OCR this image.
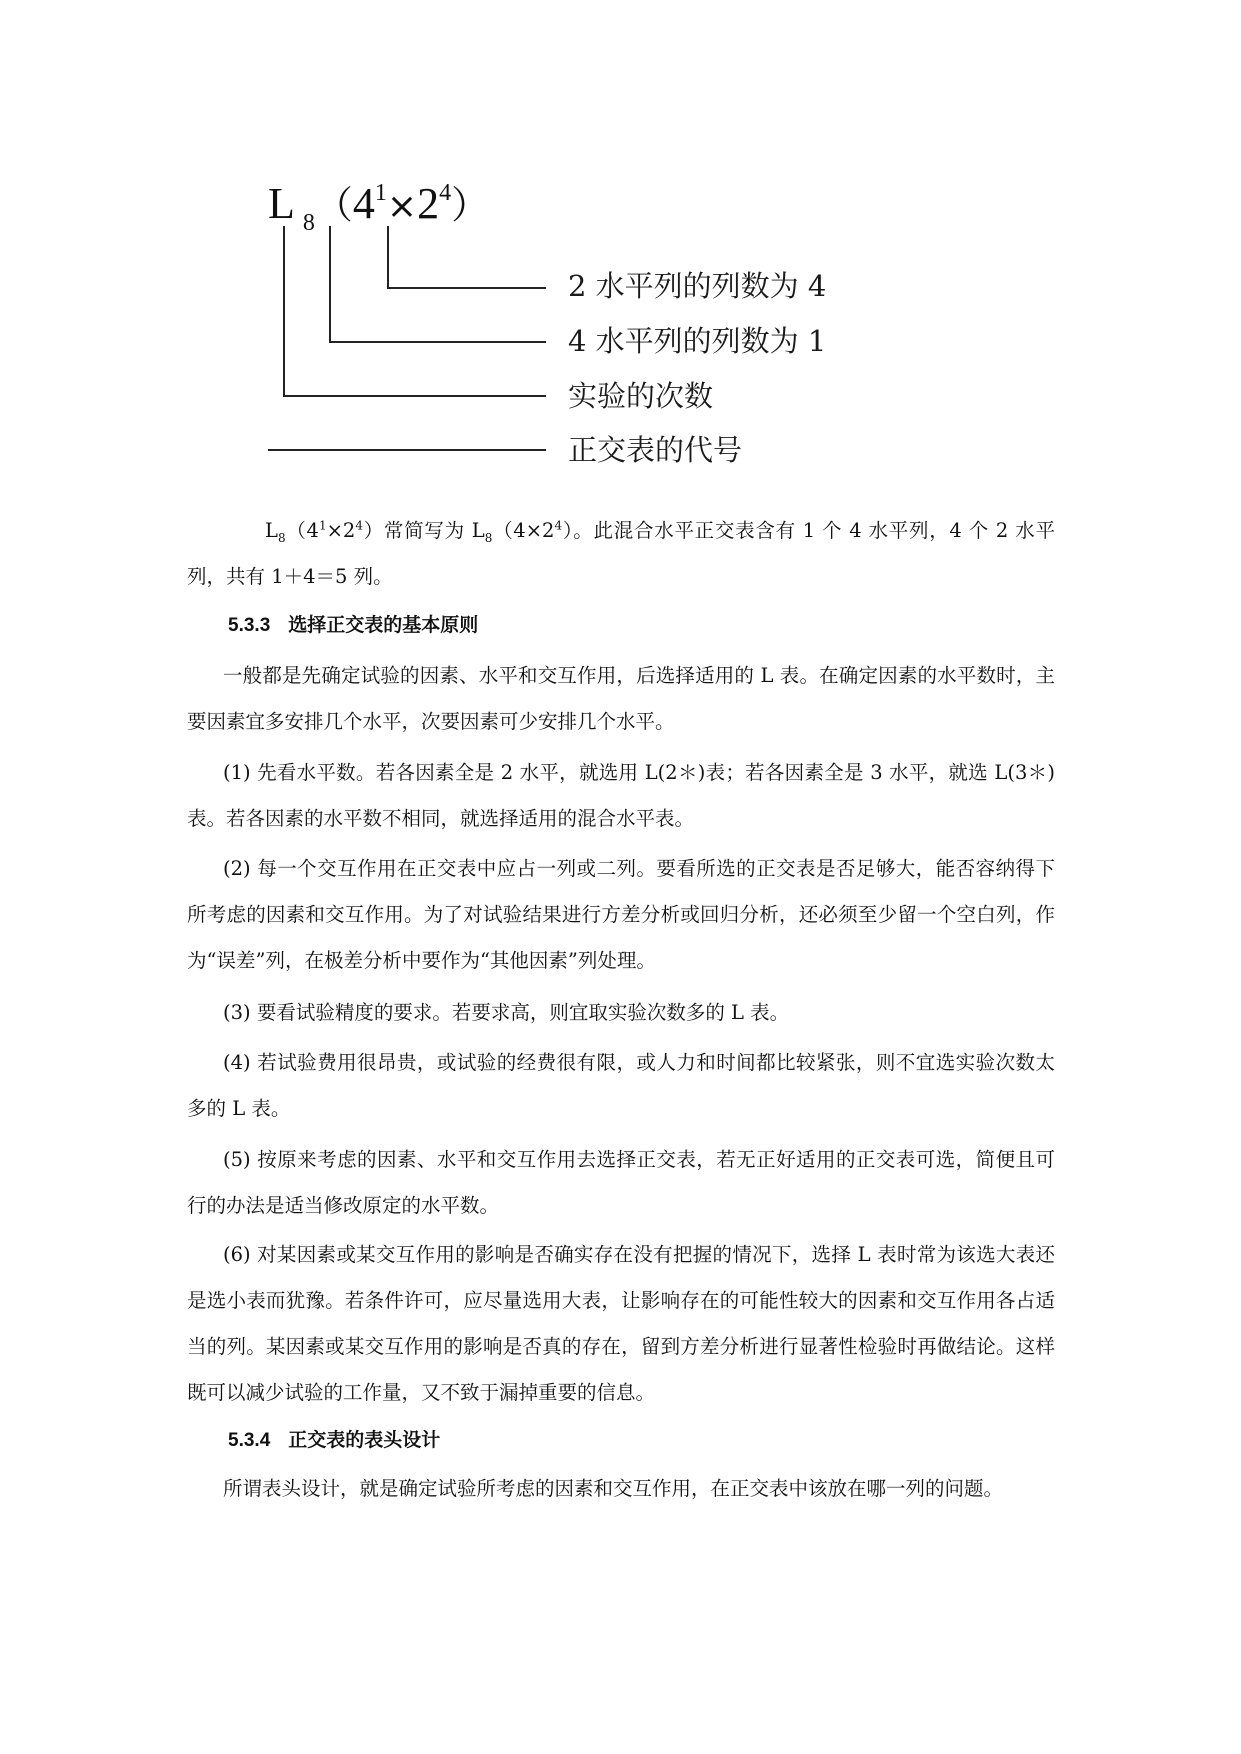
L $_8(4^1\times 2^4)$
2 水平列的列数为 4
4 水平列的列数为 1
实验的次数
正交表的代号

$L_8(4^1\times 2^4)$常简写为 $L_8(4\times 2^4)$。此混合水平正交表含有 1 个 4 水平列，4 个 2 水平列，共有 1＋4＝5 列。

5.3.3 选择正交表的基本原则

一般都是先确定试验的因素、水平和交互作用，后选择适用的 L 表。在确定因素的水平数时，主要因素宜多安排几个水平，次要因素可少安排几个水平。

(1) 先看水平数。若各因素全是 2 水平，就选用 L(2＊)表；若各因素全是 3 水平，就选 L(3＊)表。若各因素的水平数不相同，就选择适用的混合水平表。

(2) 每一个交互作用在正交表中应占一列或二列。要看所选的正交表是否足够大，能否容纳得下所考虑的因素和交互作用。为了对试验结果进行方差分析或回归分析，还必须至少留一个空白列，作为“误差”列，在极差分析中要作为“其他因素”列处理。

(3) 要看试验精度的要求。若要求高，则宜取实验次数多的 L 表。

(4) 若试验费用很昂贵，或试验的经费很有限，或人力和时间都比较紧张，则不宜选实验次数太多的 L 表。

(5) 按原来考虑的因素、水平和交互作用去选择正交表，若无正好适用的正交表可选，简便且可行的办法是适当修改原定的水平数。

(6) 对某因素或某交互作用的影响是否确实存在没有把握的情况下，选择 L 表时常为该选大表还是选小表而犹豫。若条件许可，应尽量选用大表，让影响存在的可能性较大的因素和交互作用各占适当的列。某因素或某交互作用的影响是否真的存在，留到方差分析进行显著性检验时再做结论。这样既可以减少试验的工作量，又不致于漏掉重要的信息。

5.3.4 正交表的表头设计

所谓表头设计，就是确定试验所考虑的因素和交互作用，在正交表中该放在哪一列的问题。
